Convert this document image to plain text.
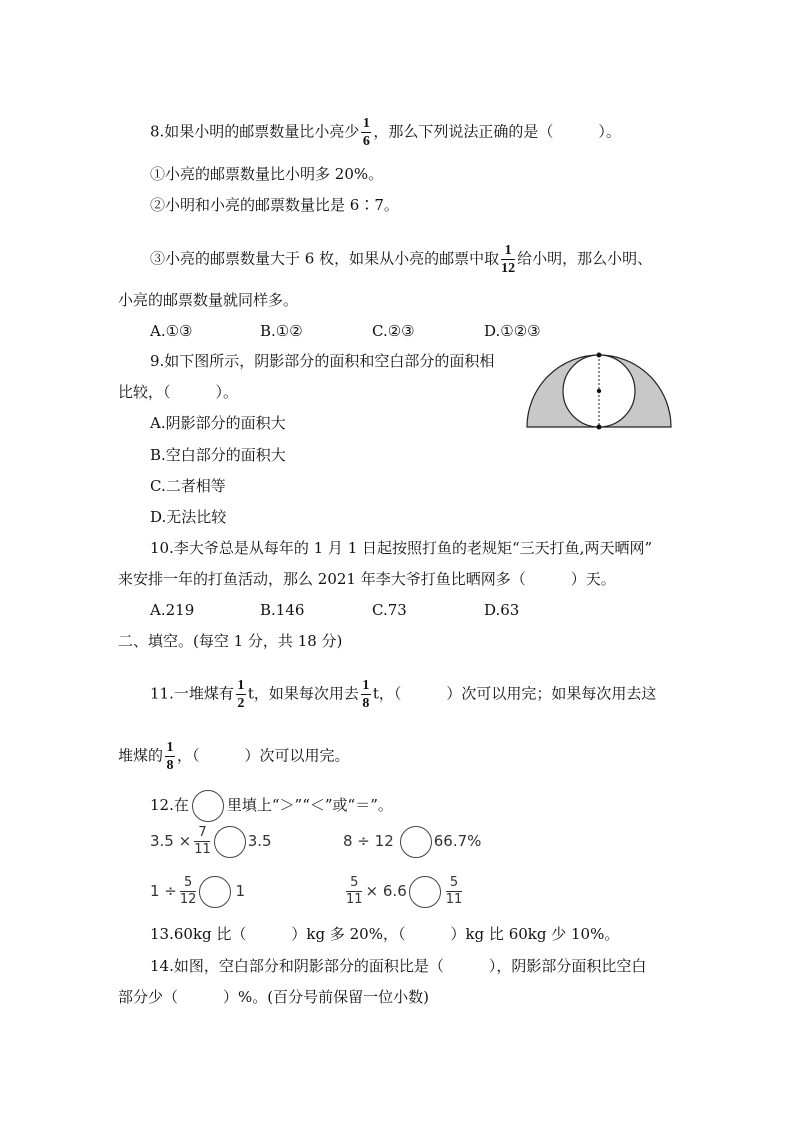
8.如果小明的邮票数量比小亮少 $\frac{1}{6}$ ，那么下列说法正确的是（　　　）。
①小亮的邮票数量比小明多 20%。
②小明和小亮的邮票数量比是 6∶7。
③小亮的邮票数量大于 6 枚，如果从小亮的邮票中取 $\frac{1}{12}$ 给小明，那么小明、
小亮的邮票数量就同样多。
A.①③	B.①②	C.②③	D.①②③
9.如下图所示，阴影部分的面积和空白部分的面积相
比较，（　　　）。
A.阴影部分的面积大
B.空白部分的面积大
C.二者相等
D.无法比较
10.李大爷总是从每年的 1 月 1 日起按照打鱼的老规矩“三天打鱼,两天晒网”
来安排一年的打鱼活动，那么 2021 年李大爷打鱼比晒网多（　　　）天。
A.219	B.146	C.73	D.63
二、填空。(每空 1 分，共 18 分)
11.一堆煤有 $\frac{1}{2}$ t，如果每次用去 $\frac{1}{8}$ t，（　　　）次可以用完；如果每次用去这
堆煤的 $\frac{1}{8}$ ，（　　　）次可以用完。
12.在	里填上“＞”“＜”或“＝”。
$3.5 \times \frac{7}{11} 3.5$	8 ÷ 12	66.7%
$1 \div \frac{5}{12}$	1	$\frac{5}{11} \times 6.6$	$\frac{5}{11}$
13.60kg 比（　　　）kg 多 20%，（　　　）kg 比 60kg 少 10%。
14.如图，空白部分和阴影部分的面积比是（　　　），阴影部分面积比空白
部分少（　　　）%。(百分号前保留一位小数)
